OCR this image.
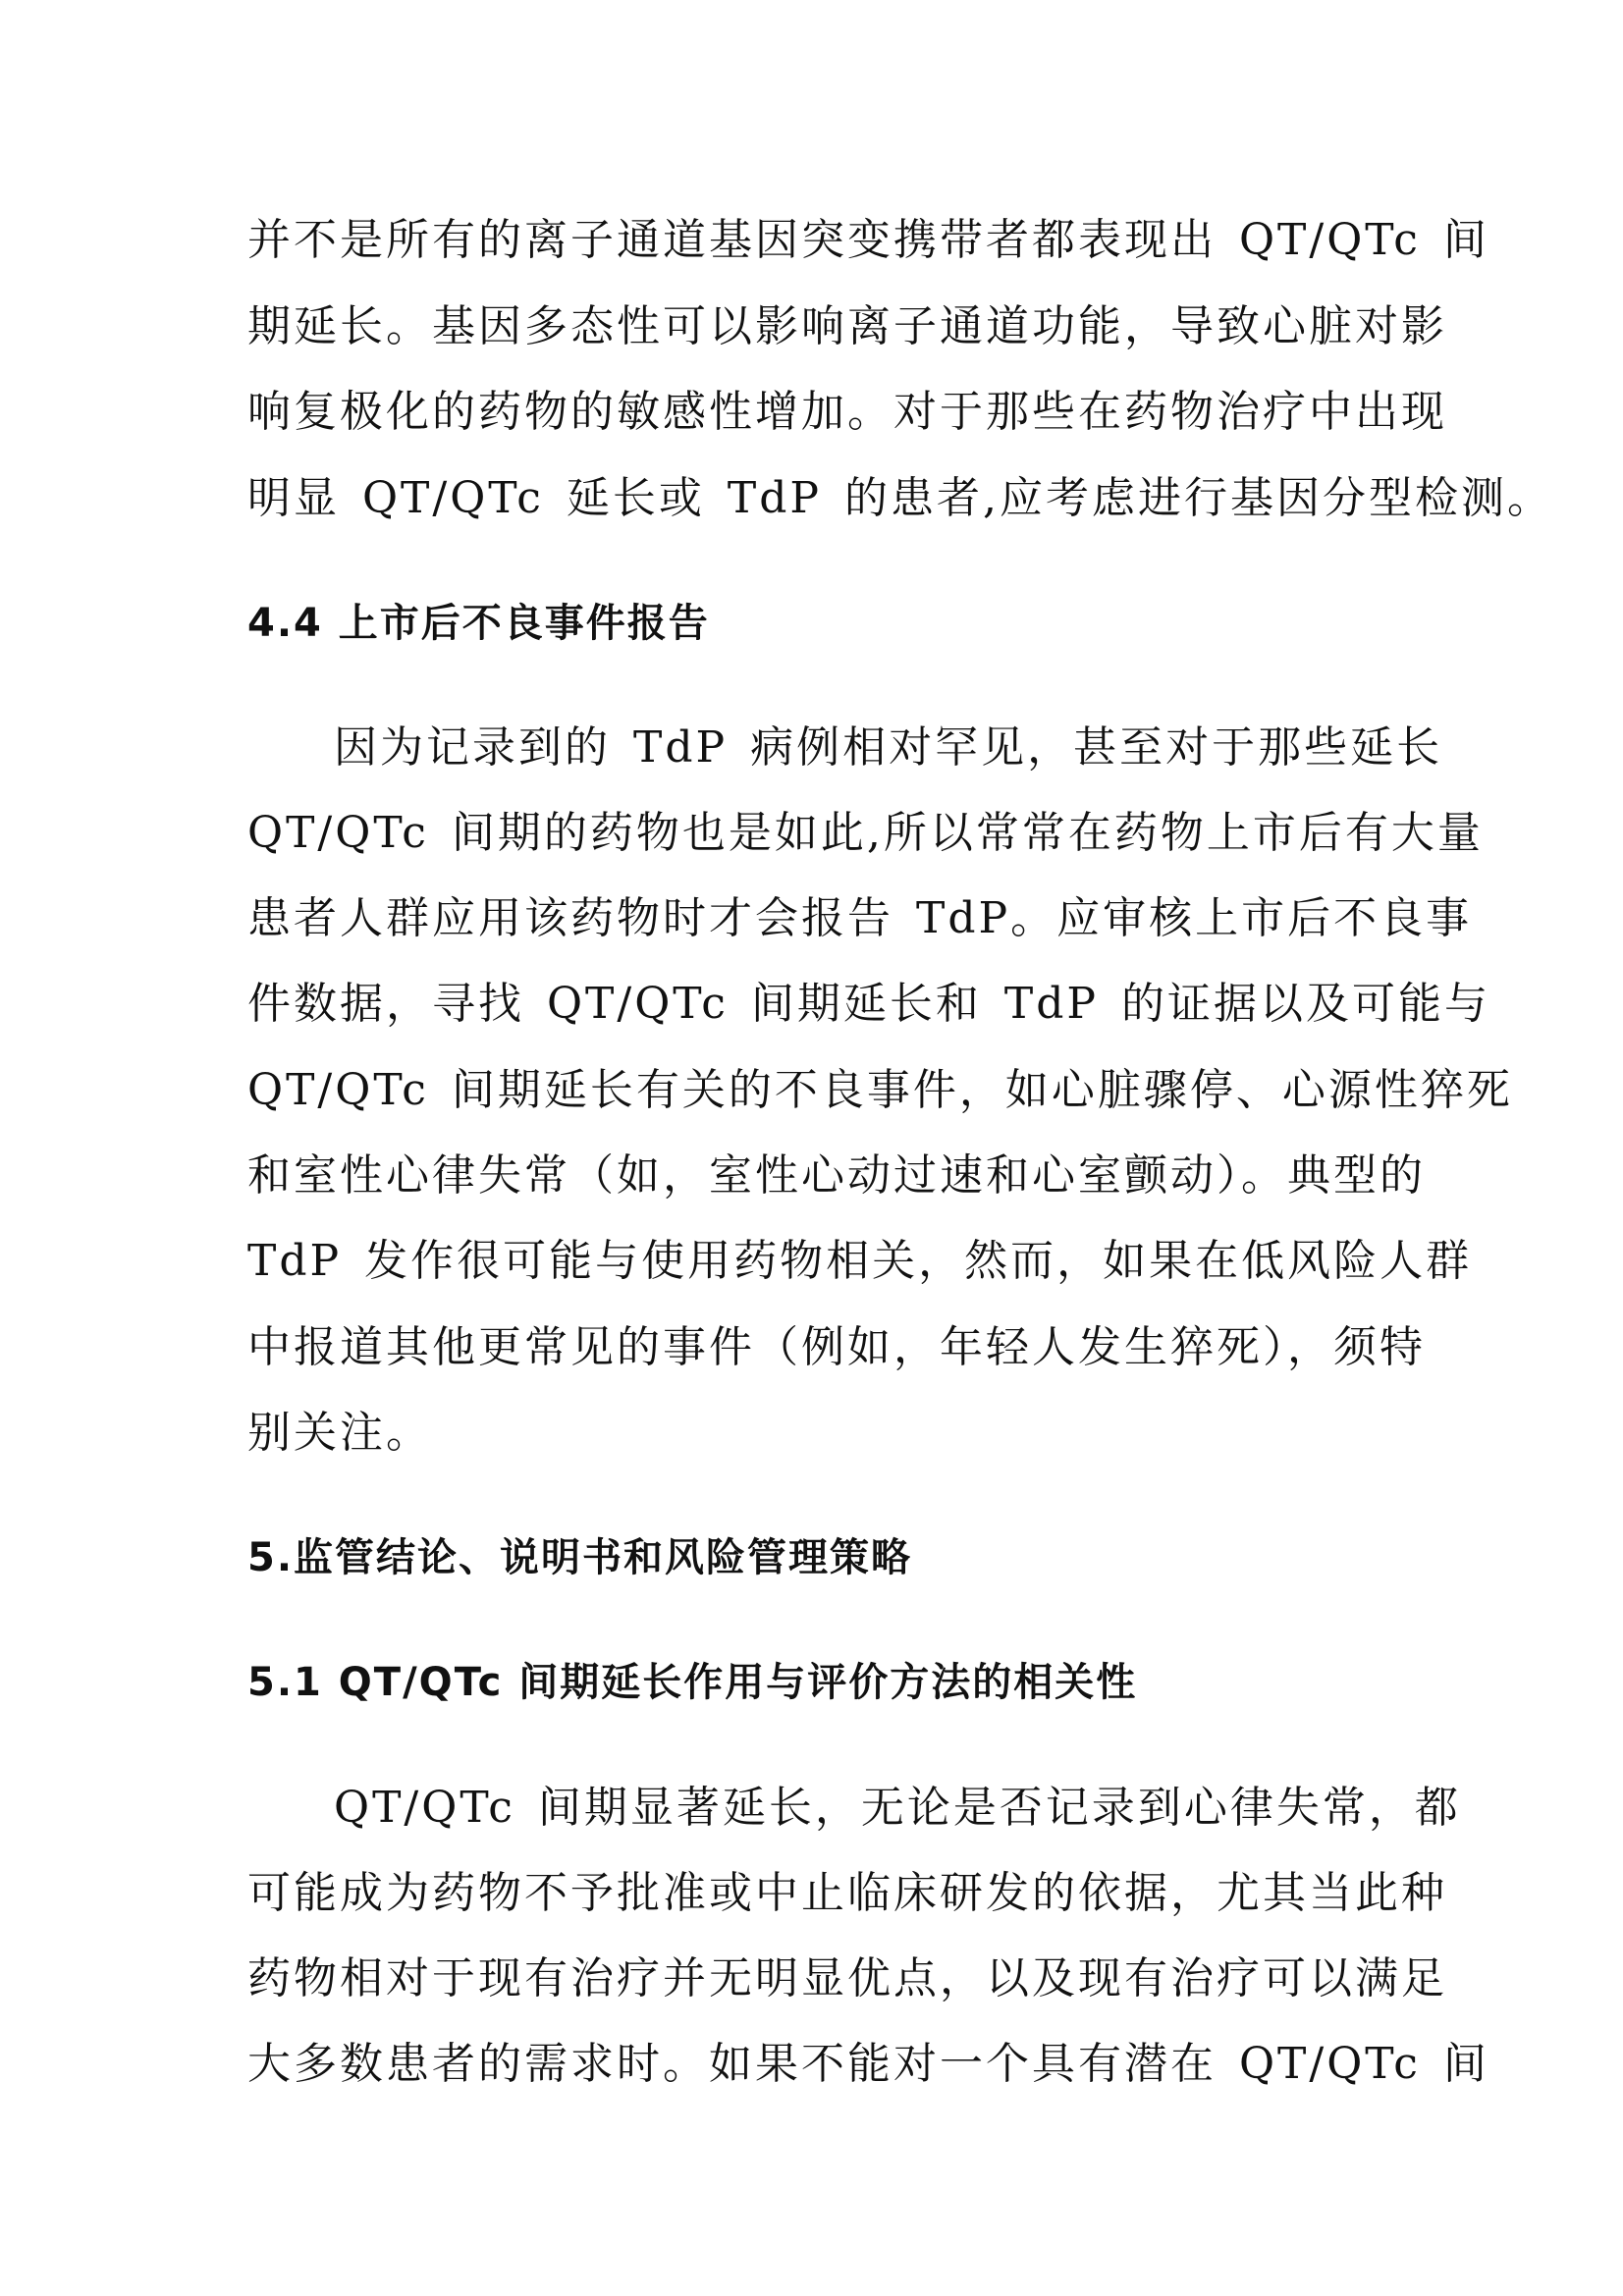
并不是所有的离子通道基因突变携带者都表现出 QT/QTc 间
期延长。基因多态性可以影响离子通道功能，导致心脏对影
响复极化的药物的敏感性增加。对于那些在药物治疗中出现
明显 QT/QTc 延长或 TdP 的患者,应考虑进行基因分型检测。
4.4 上市后不良事件报告
因为记录到的 TdP 病例相对罕见，甚至对于那些延长
QT/QTc 间期的药物也是如此,所以常常在药物上市后有大量
患者人群应用该药物时才会报告 TdP。应审核上市后不良事
件数据，寻找 QT/QTc 间期延长和 TdP 的证据以及可能与
QT/QTc 间期延长有关的不良事件，如心脏骤停、心源性猝死
和室性心律失常（如，室性心动过速和心室颤动）。典型的
TdP 发作很可能与使用药物相关，然而，如果在低风险人群
中报道其他更常见的事件（例如，年轻人发生猝死），须特
别关注。
5.监管结论、说明书和风险管理策略
5.1 QT/QTc 间期延长作用与评价方法的相关性
QT/QTc 间期显著延长，无论是否记录到心律失常，都
可能成为药物不予批准或中止临床研发的依据，尤其当此种
药物相对于现有治疗并无明显优点，以及现有治疗可以满足
大多数患者的需求时。如果不能对一个具有潜在 QT/QTc 间
